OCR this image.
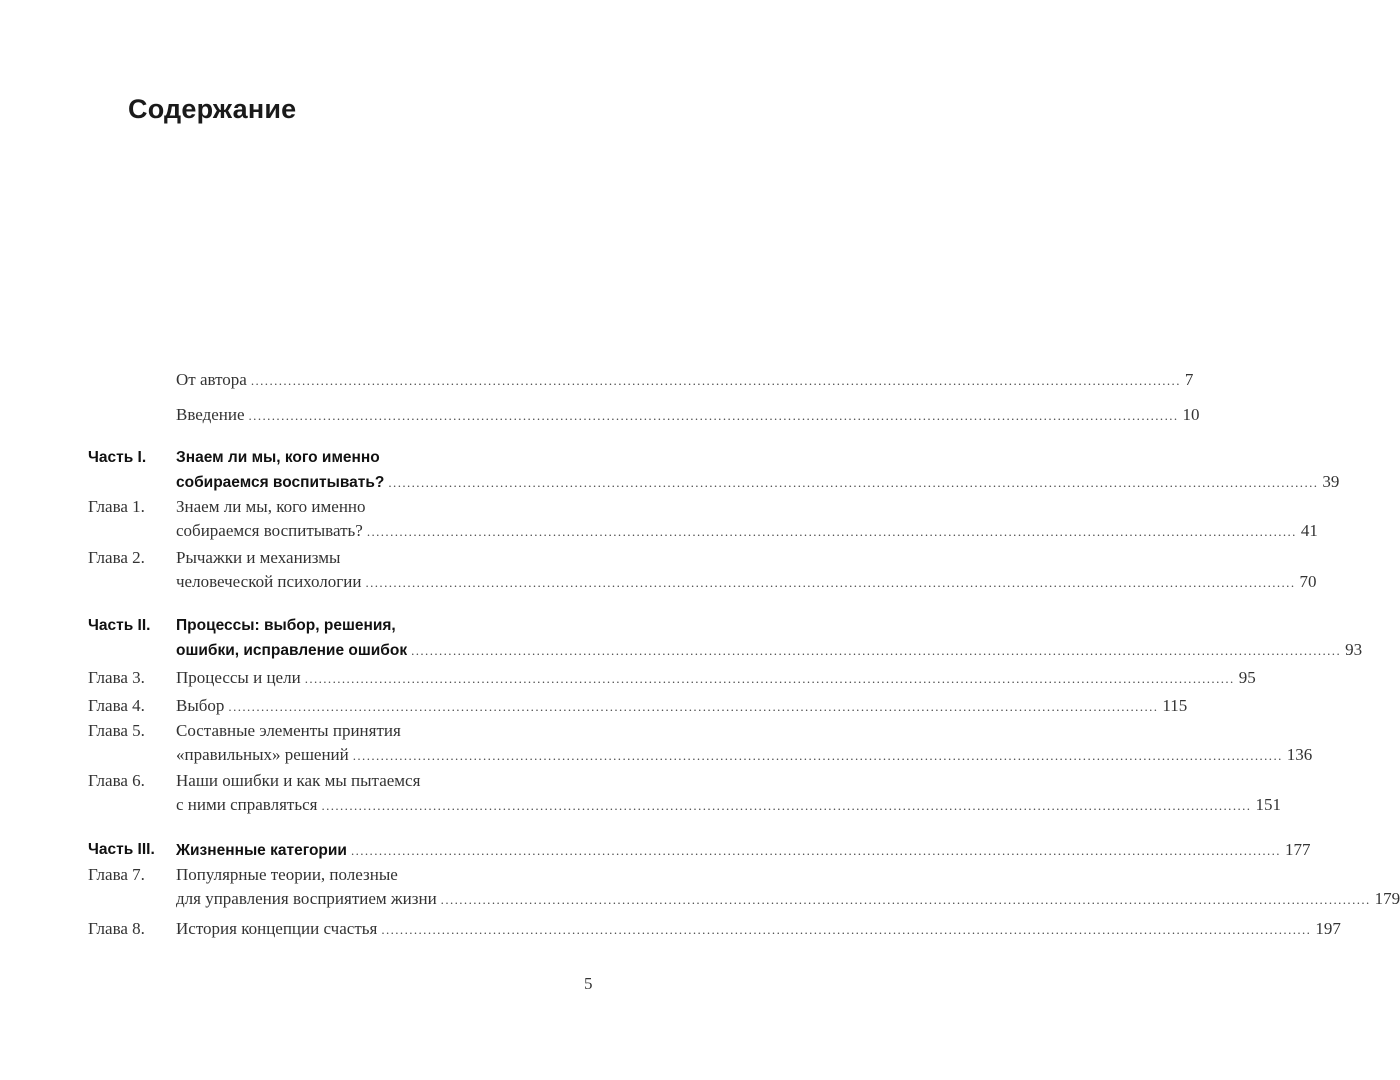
Содержание
От автора ........................................................................................................................................................................................................ 7
Введение ........................................................................................................................................................................................................ 10
Часть I. Знаем ли мы, кого именно
собираемся воспитывать? ........................................................................................................................................................................................................ 39
Глава 1. Знаем ли мы, кого именно
собираемся воспитывать? ........................................................................................................................................................................................................ 41
Глава 2. Рычажки и механизмы
человеческой психологии ........................................................................................................................................................................................................ 70
Часть II. Процессы: выбор, решения,
ошибки, исправление ошибок ........................................................................................................................................................................................................ 93
Глава 3. Процессы и цели ........................................................................................................................................................................................................ 95
Глава 4. Выбор ........................................................................................................................................................................................................ 115
Глава 5. Составные элементы принятия
«правильных» решений ........................................................................................................................................................................................................ 136
Глава 6. Наши ошибки и как мы пытаемся
с ними справляться ........................................................................................................................................................................................................ 151
Часть III. Жизненные категории ........................................................................................................................................................................................................ 177
Глава 7. Популярные теории, полезные
для управления восприятием жизни ........................................................................................................................................................................................................ 179
Глава 8. История концепции счастья ........................................................................................................................................................................................................ 197
5
